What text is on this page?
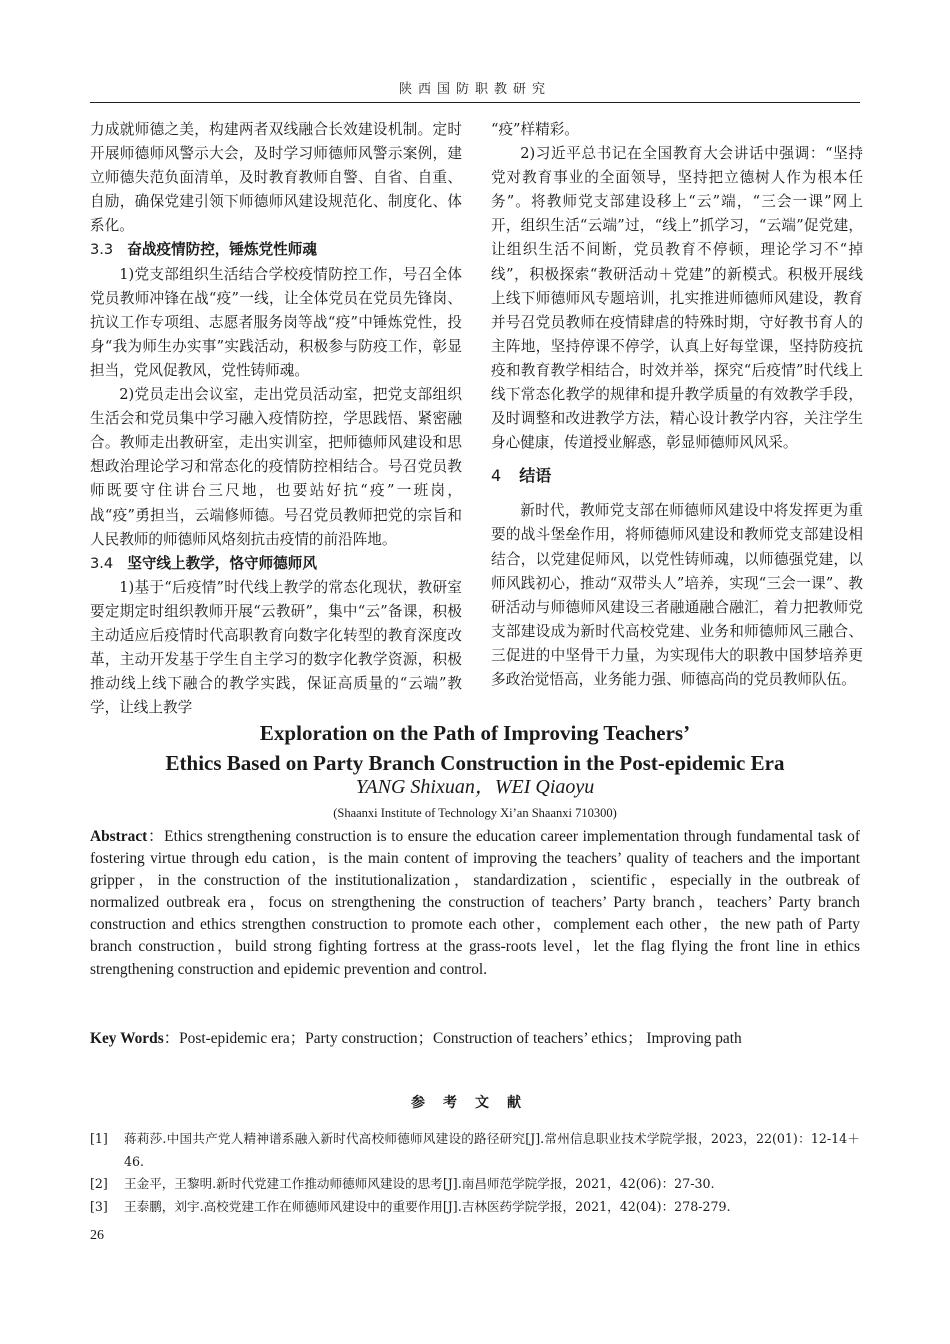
陕西国防职教研究

力成就师德之美，构建两者双线融合长效建设机制。定时开展师德师风警示大会，及时学习师德师风警示案例，建立师德失范负面清单，及时教育教师自警、自省、自重、自励，确保党建引领下师德师风建设规范化、制度化、体系化。

3.3 奋战疫情防控，锤炼党性师魂

1)党支部组织生活结合学校疫情防控工作，号召全体党员教师冲锋在战“疫”一线，让全体党员在党员先锋岗、抗议工作专项组、志愿者服务岗等战“疫”中锤炼党性，投身“我为师生办实事”实践活动，积极参与防疫工作，彰显担当，党风促教风，党性铸师魂。

2)党员走出会议室，走出党员活动室，把党支部组织生活会和党员集中学习融入疫情防控，学思践悟、紧密融合。教师走出教研室，走出实训室，把师德师风建设和思想政治理论学习和常态化的疫情防控相结合。号召党员教师既要守住讲台三尺地，也要站好抗“疫”一班岗，战“疫”勇担当，云端修师德。号召党员教师把党的宗旨和人民教师的师德师风烙刻抗击疫情的前沿阵地。

3.4 坚守线上教学，恪守师德师风

1)基于“后疫情”时代线上教学的常态化现状，教研室要定期定时组织教师开展“云教研”，集中“云”备课，积极主动适应后疫情时代高职教育向数字化转型的教育深度改革，主动开发基于学生自主学习的数字化教学资源，积极推动线上线下融合的教学实践，保证高质量的“云端”教学，让线上教学

“疫”样精彩。

2)习近平总书记在全国教育大会讲话中强调：“坚持党对教育事业的全面领导，坚持把立德树人作为根本任务”。将教师党支部建设移上“云”端，“三会一课”网上开，组织生活“云端”过，“线上”抓学习，“云端”促党建，让组织生活不间断，党员教育不停顿，理论学习不“掉线”，积极探索“教研活动＋党建”的新模式。积极开展线上线下师德师风专题培训，扎实推进师德师风建设，教育并号召党员教师在疫情肆虐的特殊时期，守好教书育人的主阵地，坚持停课不停学，认真上好每堂课，坚持防疫抗疫和教育教学相结合，时效并举，探究“后疫情”时代线上线下常态化教学的规律和提升教学质量的有效教学手段，及时调整和改进教学方法，精心设计教学内容，关注学生身心健康，传道授业解惑，彰显师德师风风采。

4 结语

新时代，教师党支部在师德师风建设中将发挥更为重要的战斗堡垒作用，将师德师风建设和教师党支部建设相结合，以党建促师风，以党性铸师魂，以师德强党建，以师风践初心，推动“双带头人”培养，实现“三会一课”、教研活动与师德师风建设三者融通融合融汇，着力把教师党支部建设成为新时代高校党建、业务和师德师风三融合、三促进的中坚骨干力量，为实现伟大的职教中国梦培养更多政治觉悟高，业务能力强、师德高尚的党员教师队伍。

Exploration on the Path of Improving Teachers’
Ethics Based on Party Branch Construction in the Post-epidemic Era
YANG Shixuan，WEI Qiaoyu
(Shaanxi Institute of Technology Xi’an Shaanxi 710300)
Abstract：Ethics strengthening construction is to ensure the education career implementation through fundamental task of fostering virtue through edu cation，is the main content of improving the teachers’ quality of teachers and the important gripper，in the construction of the institutionalization，standardization，scientific，especially in the outbreak of normalized outbreak era，focus on strengthening the construction of teachers’ Party branch，teachers’ Party branch construction and ethics strengthen construction to promote each other，complement each other，the new path of Party branch construction，build strong fighting fortress at the grass-roots level，let the flag flying the front line in ethics strengthening construction and epidemic prevention and control.
Key Words：Post-epidemic era；Party construction；Construction of teachers’ ethics； Improving path
参考文献
[1]	蒋莉莎.中国共产党人精神谱系融入新时代高校师德师风建设的路径研究[J].常州信息职业技术学院学报，2023，22(01)：12-14＋46.
[2]	王金平，王黎明.新时代党建工作推动师德师风建设的思考[J].南昌师范学院学报，2021，42(06)：27-30.
[3]	王泰鹏，刘宇.高校党建工作在师德师风建设中的重要作用[J].吉林医药学院学报，2021，42(04)：278-279.
26
